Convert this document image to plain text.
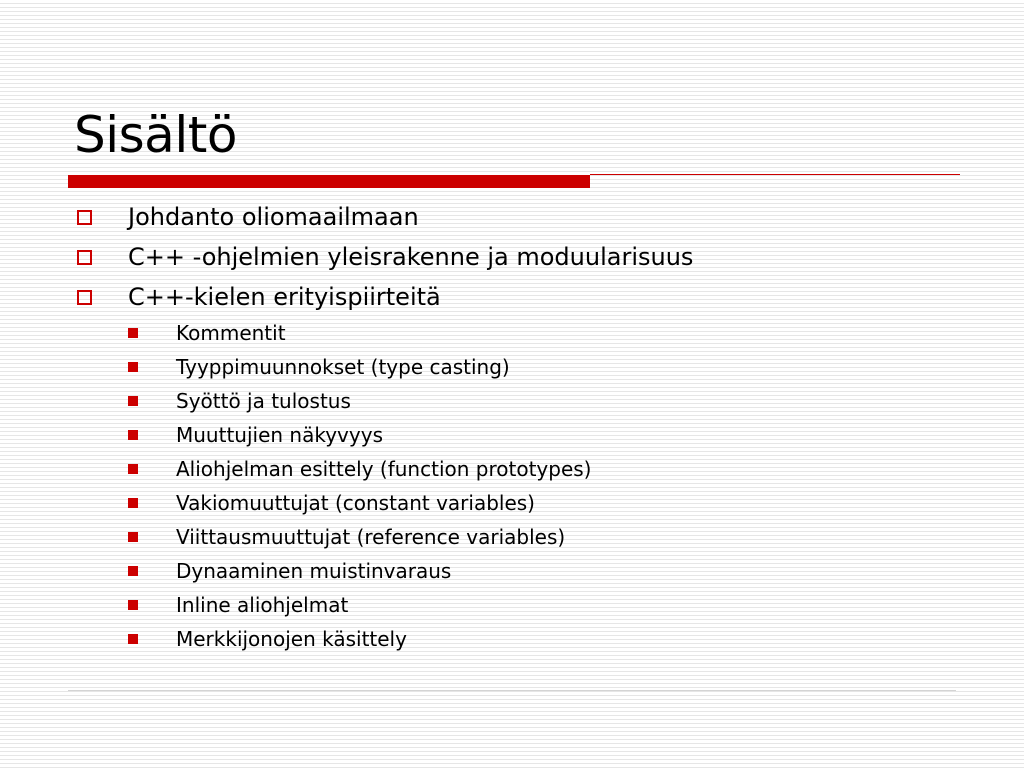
Sisältö
Johdanto oliomaailmaan
C++ -ohjelmien yleisrakenne ja moduularisuus
C++-kielen erityispiirteitä
Kommentit
Tyyppimuunnokset (type casting)
Syöttö ja tulostus
Muuttujien näkyvyys
Aliohjelman esittely (function prototypes)
Vakiomuuttujat (constant variables)
Viittausmuuttujat (reference variables)
Dynaaminen muistinvaraus
Inline aliohjelmat
Merkkijonojen käsittely
